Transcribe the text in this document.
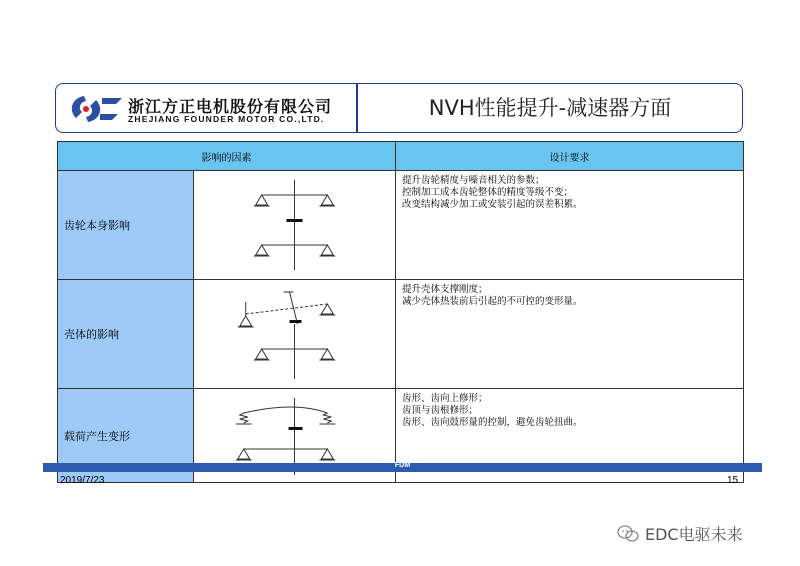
浙江方正电机股份有限公司
ZHEJIANG FOUNDER MOTOR CO.,LTD.	NVH性能提升-减速器方面
影响的因素		设计要求
齿轮本身影响		提升齿轮精度与噪音相关的参数；
控制加工成本齿轮整体的精度等级不变；
改变结构减少加工或安装引起的误差积累。

壳体的影响		提升壳体支撑刚度；
减少壳体热装前后引起的不可控的变形量。

载荷产生变形		齿形、齿向上修形；
齿顶与齿根修形；
齿形、齿向鼓形量的控制，避免齿轮扭曲。
FDM
2019/7/23	15
EDC电驱未来
